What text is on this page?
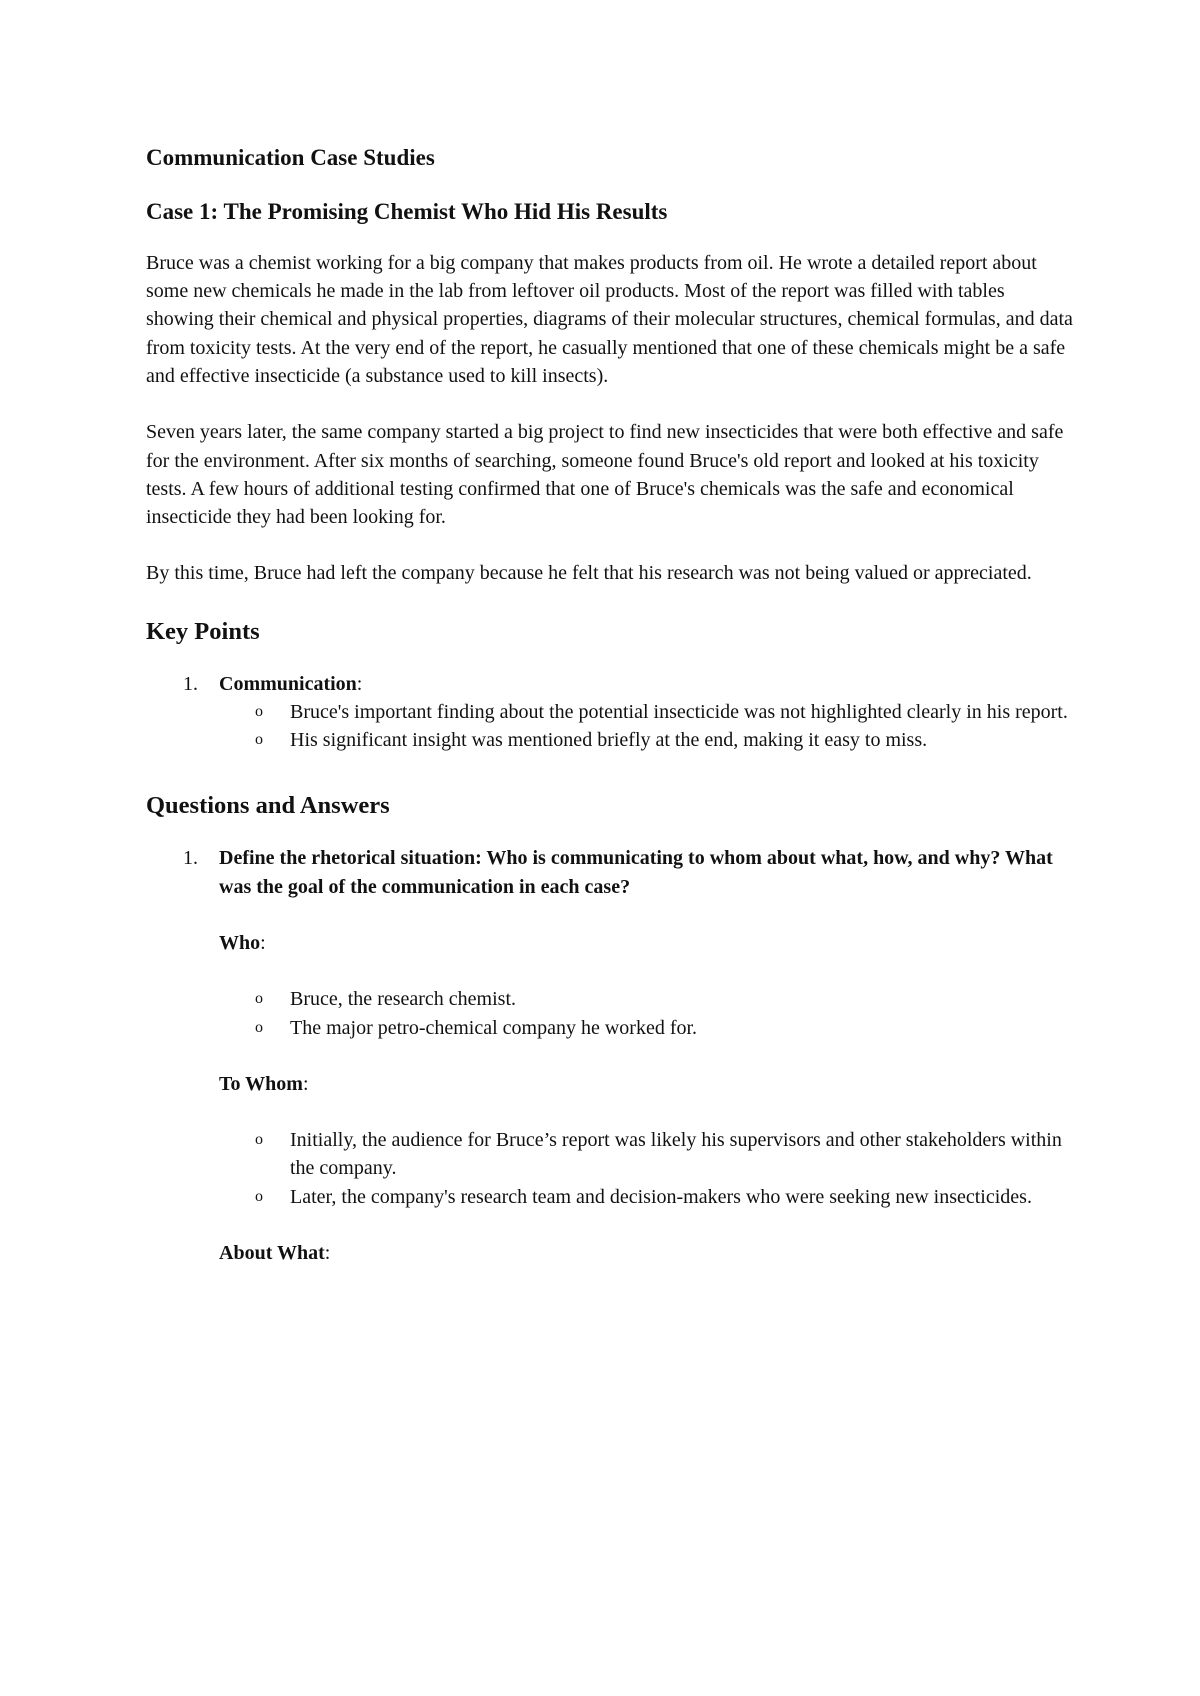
Communication Case Studies
Case 1: The Promising Chemist Who Hid His Results

Bruce was a chemist working for a big company that makes products from oil. He wrote a detailed report about some new chemicals he made in the lab from leftover oil products. Most of the report was filled with tables showing their chemical and physical properties, diagrams of their molecular structures, chemical formulas, and data from toxicity tests. At the very end of the report, he casually mentioned that one of these chemicals might be a safe and effective insecticide (a substance used to kill insects).

Seven years later, the same company started a big project to find new insecticides that were both effective and safe for the environment. After six months of searching, someone found Bruce's old report and looked at his toxicity tests. A few hours of additional testing confirmed that one of Bruce's chemicals was the safe and economical insecticide they had been looking for.

By this time, Bruce had left the company because he felt that his research was not being valued or appreciated.

Key Points
1. Communication:
o Bruce's important finding about the potential insecticide was not highlighted clearly in his report.
o His significant insight was mentioned briefly at the end, making it easy to miss.
Questions and Answers
1. Define the rhetorical situation: Who is communicating to whom about what, how, and why? What was the goal of the communication in each case?
Who:
o Bruce, the research chemist.
o The major petro-chemical company he worked for.
To Whom:
o Initially, the audience for Bruce’s report was likely his supervisors and other stakeholders within the company.
o Later, the company's research team and decision-makers who were seeking new insecticides.
About What:
